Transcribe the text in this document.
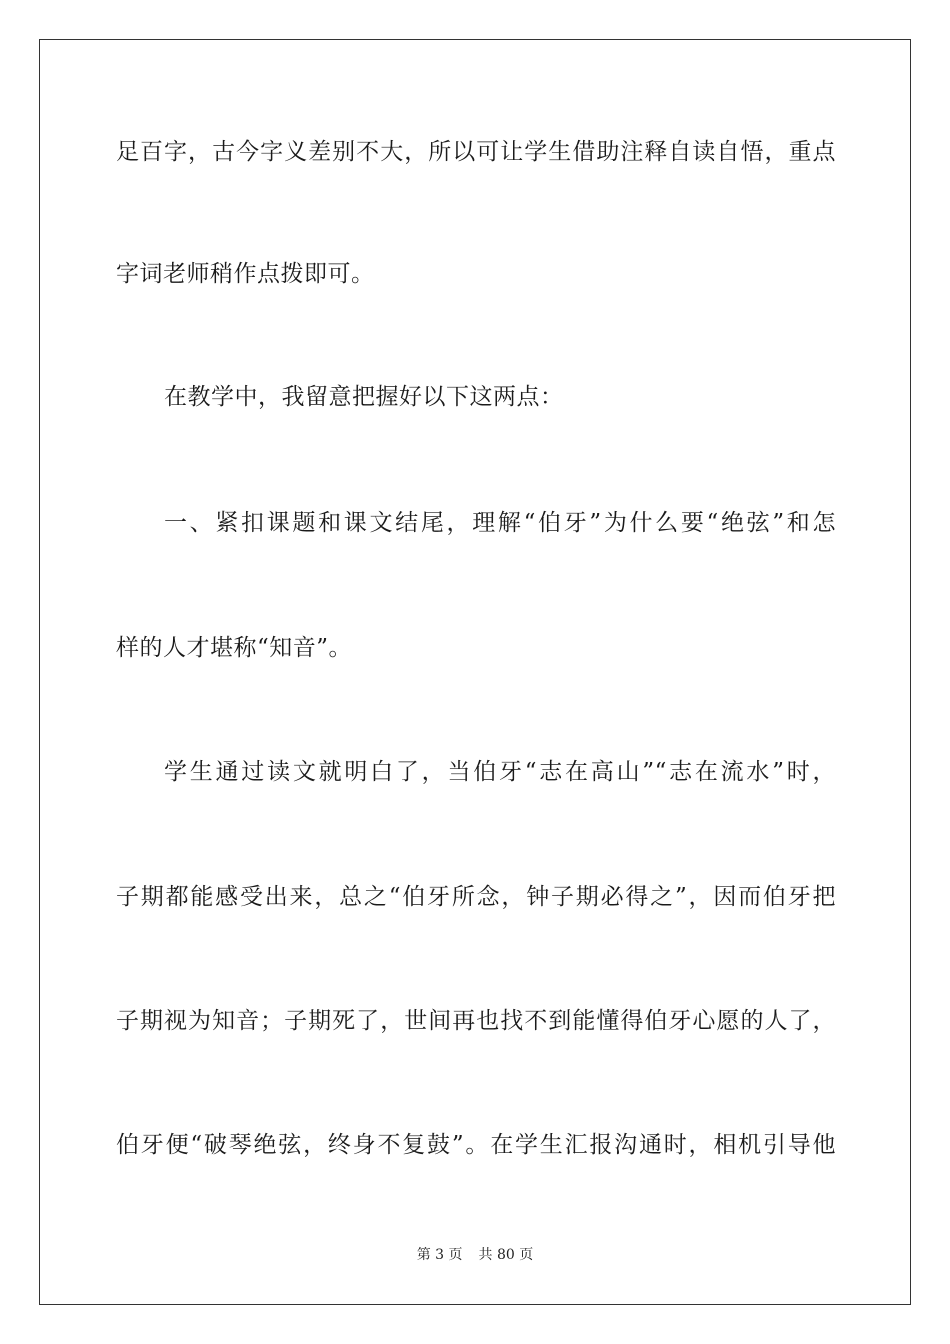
足百字，古今字义差别不大，所以可让学生借助注释自读自悟，重点
字词老师稍作点拨即可。
在教学中，我留意把握好以下这两点：
一、紧扣课题和课文结尾，理解“伯牙”为什么要“绝弦”和怎
样的人才堪称“知音”。
学生通过读文就明白了，当伯牙“志在高山”“志在流水”时，
子期都能感受出来，总之“伯牙所念，钟子期必得之”，因而伯牙把
子期视为知音；子期死了，世间再也找不到能懂得伯牙心愿的人了，
伯牙便“破琴绝弦，终身不复鼓”。在学生汇报沟通时，相机引导他
第 3 页 共 80 页
